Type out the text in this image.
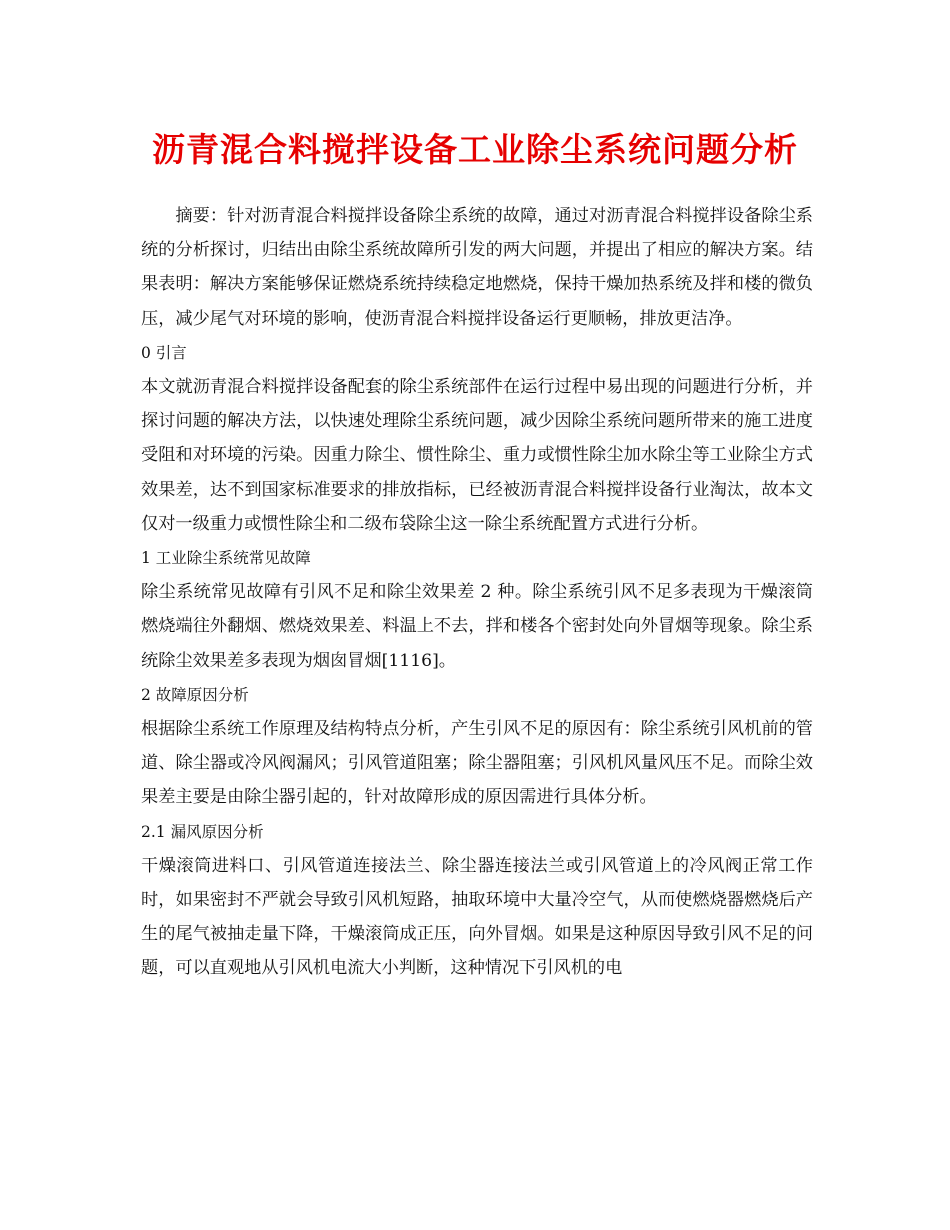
沥青混合料搅拌设备工业除尘系统问题分析

摘要：针对沥青混合料搅拌设备除尘系统的故障，通过对沥青混合料搅拌设备除尘系统的分析探讨，归结出由除尘系统故障所引发的两大问题，并提出了相应的解决方案。结果表明：解决方案能够保证燃烧系统持续稳定地燃烧，保持干燥加热系统及拌和楼的微负压，减少尾气对环境的影响，使沥青混合料搅拌设备运行更顺畅，排放更洁净。

0 引言

本文就沥青混合料搅拌设备配套的除尘系统部件在运行过程中易出现的问题进行分析，并探讨问题的解决方法，以快速处理除尘系统问题，减少因除尘系统问题所带来的施工进度受阻和对环境的污染。因重力除尘、惯性除尘、重力或惯性除尘加水除尘等工业除尘方式效果差，达不到国家标准要求的排放指标，已经被沥青混合料搅拌设备行业淘汰，故本文仅对一级重力或惯性除尘和二级布袋除尘这一除尘系统配置方式进行分析。

1 工业除尘系统常见故障

除尘系统常见故障有引风不足和除尘效果差 2 种。除尘系统引风不足多表现为干燥滚筒燃烧端往外翻烟、燃烧效果差、料温上不去，拌和楼各个密封处向外冒烟等现象。除尘系统除尘效果差多表现为烟囱冒烟[1116]。

2 故障原因分析

根据除尘系统工作原理及结构特点分析，产生引风不足的原因有：除尘系统引风机前的管道、除尘器或冷风阀漏风；引风管道阻塞；除尘器阻塞；引风机风量风压不足。而除尘效果差主要是由除尘器引起的，针对故障形成的原因需进行具体分析。

2.1 漏风原因分析

干燥滚筒进料口、引风管道连接法兰、除尘器连接法兰或引风管道上的冷风阀正常工作时，如果密封不严就会导致引风机短路，抽取环境中大量冷空气，从而使燃烧器燃烧后产生的尾气被抽走量下降，干燥滚筒成正压，向外冒烟。如果是这种原因导致引风不足的问题，可以直观地从引风机电流大小判断，这种情况下引风机的电
